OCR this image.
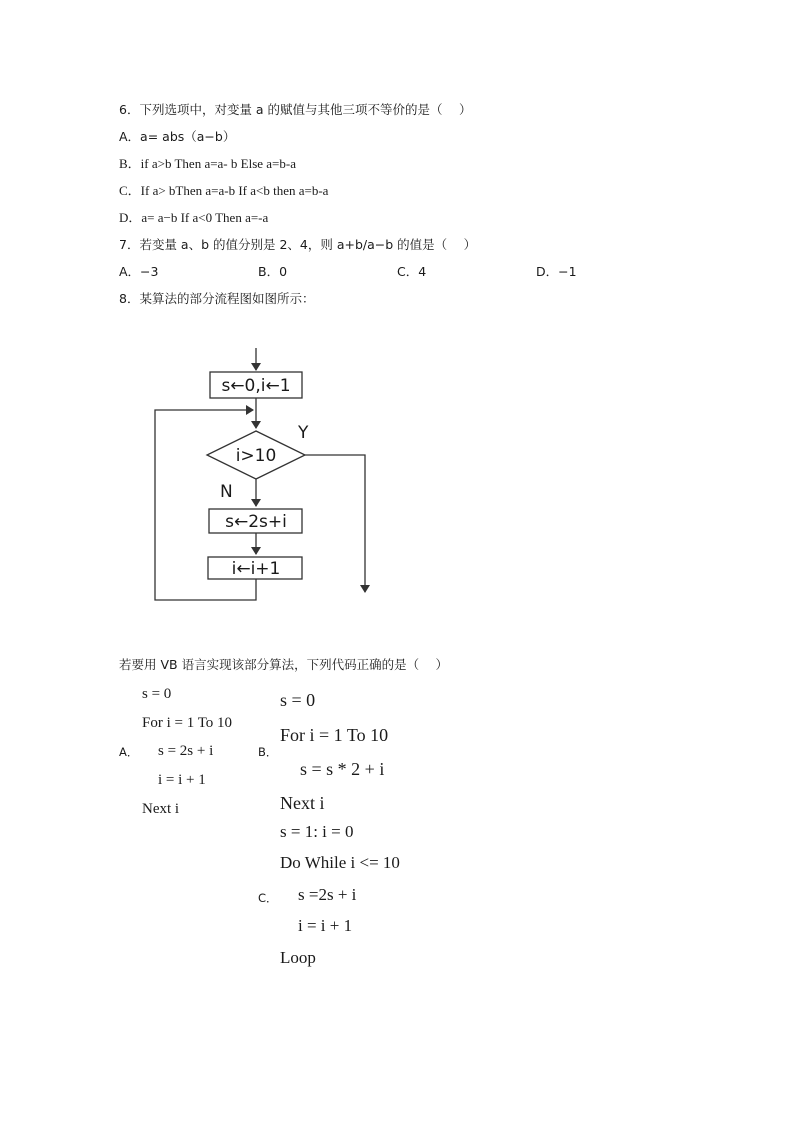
6．下列选项中，对变量 a 的赋值与其他三项不等价的是（　 ）
A．a= abs（a−b）
B．if a>b Then a=a- b Else a=b-a
C．If a> bThen a=a-b If a<b then a=b-a
D．a= a−b If a<0 Then a=-a
7．若变量 a、b 的值分别是 2、4，则 a+b/a−b 的值是（　 ）
A．−3	B．0	C．4	D．−1
8．某算法的部分流程图如图所示：
s←0,i←1
i>10
s←2s+i
i←i+1
Y
N
若要用 VB 语言实现该部分算法，下列代码正确的是（　 ）
A．
s = 0
For i = 1 To 10
s = 2s + i
i = i + 1
Next i
B．
s = 0
For i = 1 To 10
s = s * 2 + i
Next i
C．
s = 1: i = 0
Do While i <= 10
s =2s + i
i = i + 1
Loop
